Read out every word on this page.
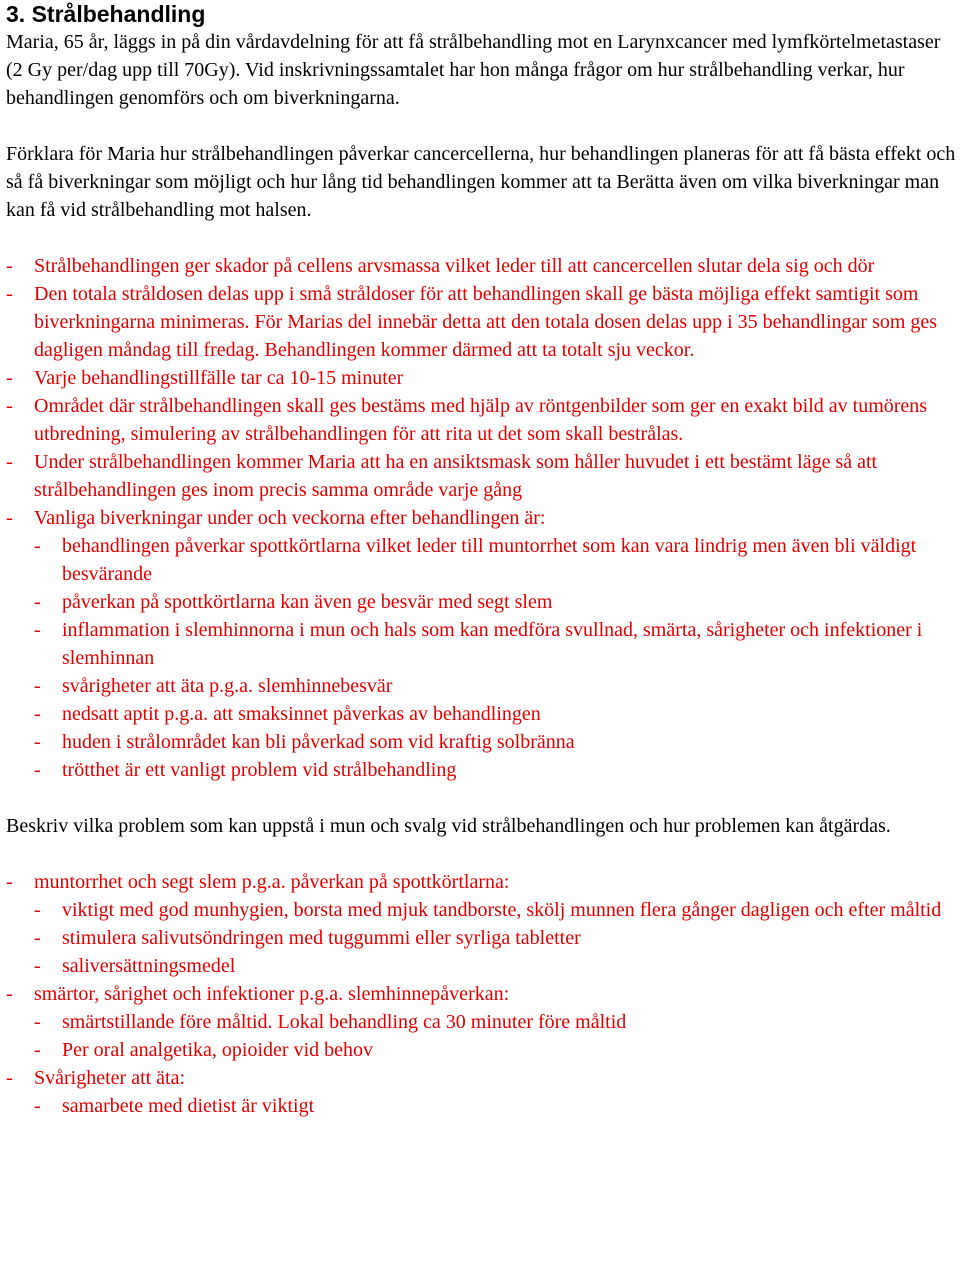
3. Strålbehandling

Maria, 65 år, läggs in på din vårdavdelning för att få strålbehandling mot en Larynxcancer med lymfkörtelmetastaser (2 Gy per/dag upp till 70Gy). Vid inskrivningssamtalet har hon många frågor om hur strålbehandling verkar, hur behandlingen genomförs och om biverkningarna.

Förklara för Maria hur strålbehandlingen påverkar cancercellerna, hur behandlingen planeras för att få bästa effekt och så få biverkningar som möjligt och hur lång tid behandlingen kommer att ta Berätta även om vilka biverkningar man kan få vid strålbehandling mot halsen.

-	Strålbehandlingen ger skador på cellens arvsmassa vilket leder till att cancercellen slutar dela sig och dör
-	Den totala stråldosen delas upp i små stråldoser för att behandlingen skall ge bästa möjliga effekt samtigit som biverkningarna minimeras. För Marias del innebär detta att den totala dosen delas upp i 35 behandlingar som ges dagligen måndag till fredag. Behandlingen kommer därmed att ta totalt sju veckor.
-	Varje behandlingstillfälle tar ca 10-15 minuter
-	Området där strålbehandlingen skall ges bestäms med hjälp av röntgenbilder som ger en exakt bild av tumörens utbredning, simulering av strålbehandlingen för att rita ut det som skall bestrålas.
-	Under strålbehandlingen kommer Maria att ha en ansiktsmask som håller huvudet i ett bestämt läge så att strålbehandlingen ges inom precis samma område varje gång
-	Vanliga biverkningar under och veckorna efter behandlingen är:
-	behandlingen påverkar spottkörtlarna vilket leder till muntorrhet som kan vara lindrig men även bli väldigt besvärande
-	påverkan på spottkörtlarna kan även ge besvär med segt slem
-	inflammation i slemhinnorna i mun och hals som kan medföra svullnad, smärta, sårigheter och infektioner i slemhinnan
-	svårigheter att äta p.g.a. slemhinnebesvär
-	nedsatt aptit p.g.a. att smaksinnet påverkas av behandlingen
-	huden i strålområdet kan bli påverkad som vid kraftig solbränna
-	trötthet är ett vanligt problem vid strålbehandling

Beskriv vilka problem som kan uppstå i mun och svalg vid strålbehandlingen och hur problemen kan åtgärdas.

-	muntorrhet och segt slem p.g.a. påverkan på spottkörtlarna:
-	viktigt med god munhygien, borsta med mjuk tandborste, skölj munnen flera gånger dagligen och efter måltid
-	stimulera salivutsöndringen med tuggummi eller syrliga tabletter
-	saliversättningsmedel
-	smärtor, sårighet och infektioner p.g.a. slemhinnepåverkan:
-	smärtstillande före måltid. Lokal behandling ca 30 minuter före måltid
-	Per oral analgetika, opioider vid behov
-	Svårigheter att äta:
-	samarbete med dietist är viktigt
